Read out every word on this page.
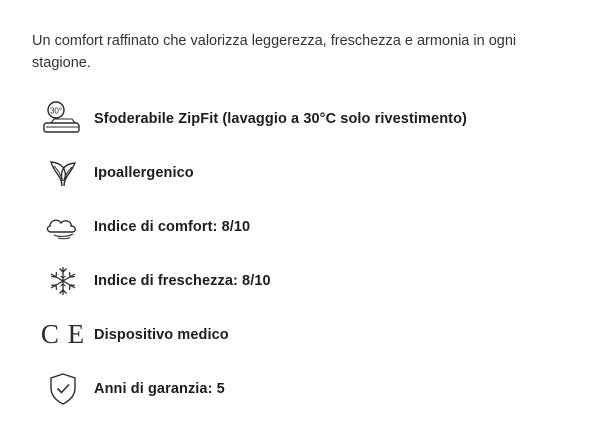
Un comfort raffinato che valorizza leggerezza, freschezza e armonia in ogni stagione.

30° Sfoderabile ZipFit (lavaggio a 30°C solo rivestimento)
Ipoallergenico
Indice di comfort: 8/10
Indice di freschezza: 8/10
C E Dispositivo medico
Anni di garanzia: 5
